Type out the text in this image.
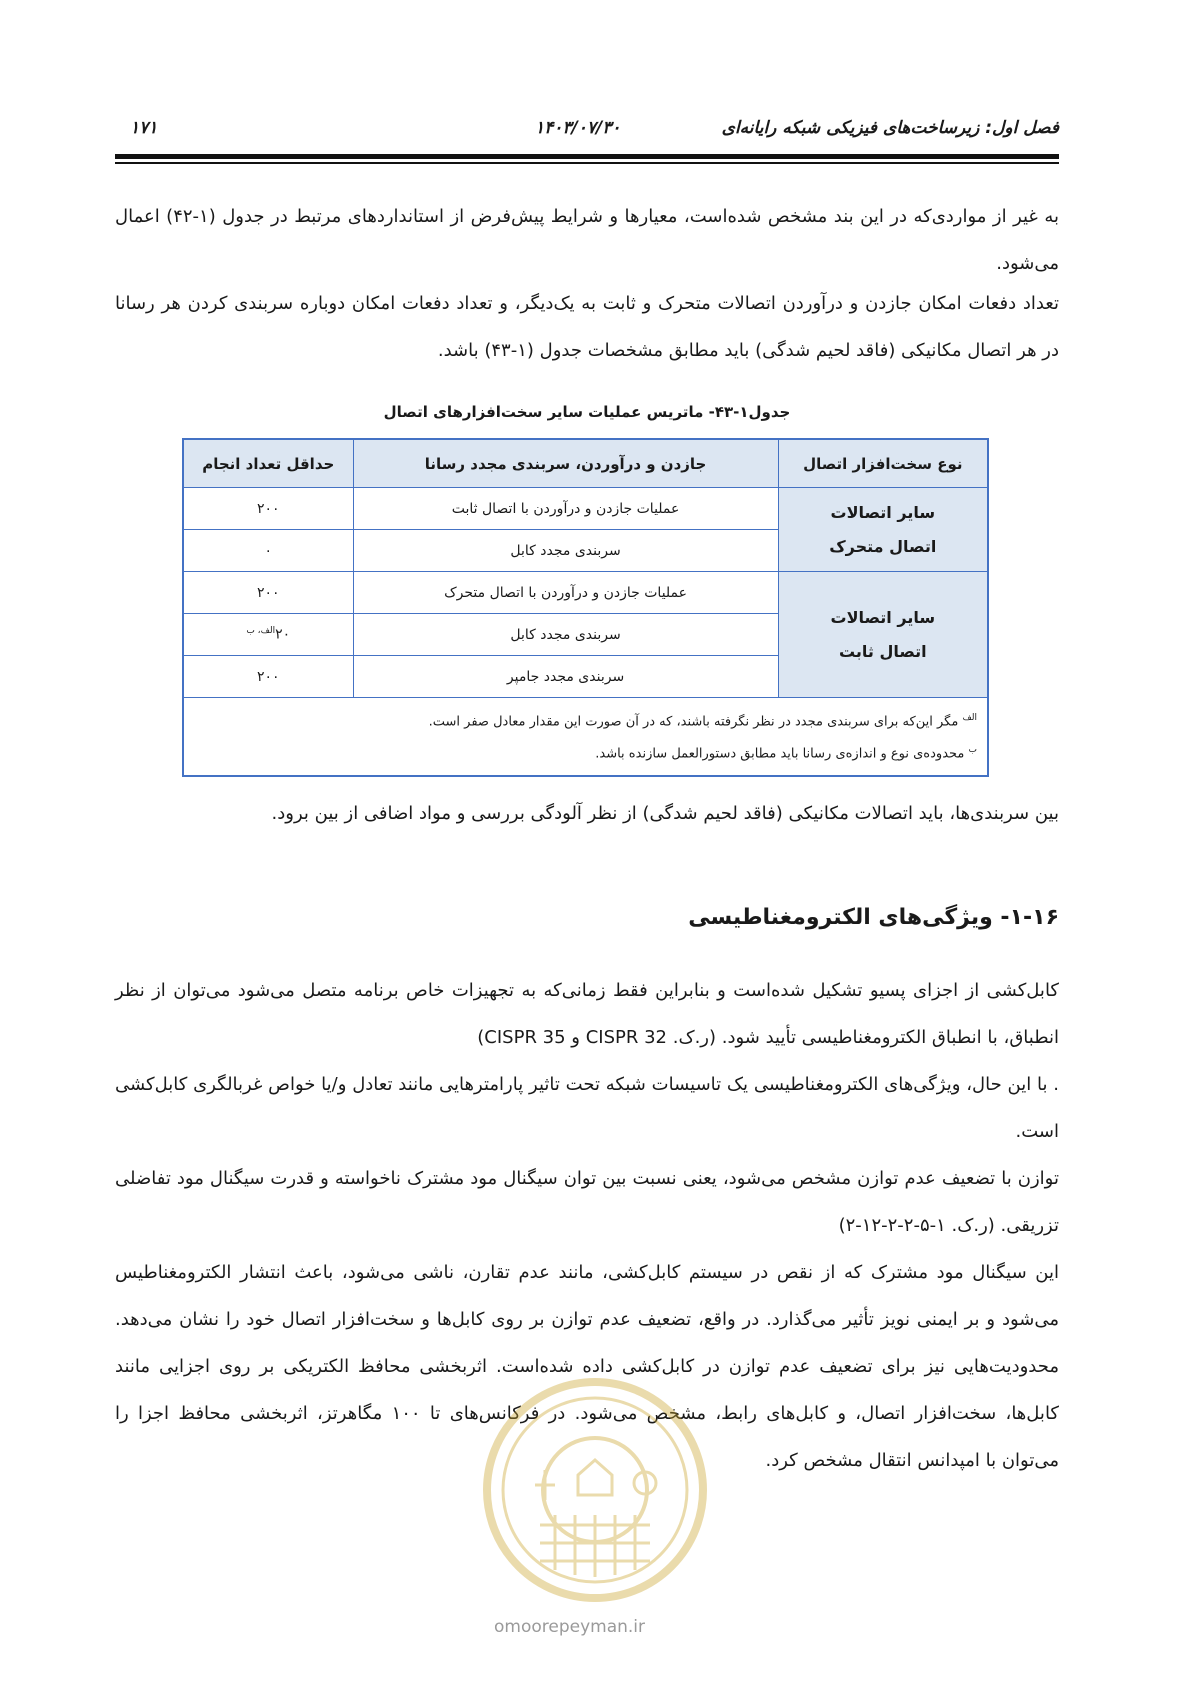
فصل اول: زیرساخت‌های فیزیکی شبکه رایانه‌ای
۱۴۰۳/۰۷/۳۰
۱۷۱

به غیر از مواردی‌که در این بند مشخص شده‌است، معیارها و شرایط پیش‌فرض از استانداردهای مرتبط در جدول (۱-۴۲) اعمال می‌شود.

تعداد دفعات امکان جازدن و درآوردن اتصالات متحرک و ثابت به یک‌دیگر، و تعداد دفعات امکان دوباره سربندی کردن هر رسانا در هر اتصال مکانیکی (فاقد لحیم شدگی) باید مطابق مشخصات جدول (۱-۴۳) باشد.

جدول۱-۴۳- ماتریس عملیات سایر سخت‌افزارهای اتصال
نوع سخت‌افزار اتصال	جازدن و درآوردن، سربندی مجدد رسانا	حداقل تعداد انجام

سایر اتصالات
اتصال متحرک	عملیات جازدن و درآوردن با اتصال ثابت	۲۰۰
	سربندی مجدد کابل	۰

سایر اتصالات
اتصال ثابت	عملیات جازدن و درآوردن با اتصال متحرک	۲۰۰
	سربندی مجدد کابل	$۲۰^{الف، ب}$
	سربندی مجدد جامپر	۲۰۰

$^{الف}$ مگر این‌که برای سربندی مجدد در نظر نگرفته باشند، که در آن صورت این مقدار معادل صفر است.
$^ب$ محدوده‌ی نوع و اندازه‌ی رسانا باید مطابق دستورالعمل سازنده باشد.		

بین سربندی‌ها، باید اتصالات مکانیکی (فاقد لحیم شدگی) از نظر آلودگی بررسی و مواد اضافی از بین برود.

۱-۱۶- ویژگی‌های الکترومغناطیسی

کابل‌کشی از اجزای پسیو تشکیل شده‌است و بنابراین فقط زمانی‌که به تجهیزات خاص برنامه متصل می‌شود می‌توان از نظر انطباق، با انطباق الکترومغناطیسی تأیید شود. (ر.ک. CISPR 32 و CISPR 35)

. با این حال، ویژگی‌های الکترومغناطیسی یک تاسیسات شبکه تحت تاثیر پارامترهایی مانند تعادل و/یا خواص غربالگری کابل‌کشی است.

توازن با تضعیف عدم توازن مشخص می‌شود، یعنی نسبت بین توان سیگنال مود مشترک ناخواسته و قدرت سیگنال مود تفاضلی تزریقی. (ر.ک. ۱-۵-۲-۲-۱۲-۲)

این سیگنال مود مشترک که از نقص در سیستم کابل‌کشی، مانند عدم تقارن، ناشی می‌شود، باعث انتشار الکترومغناطیس می‌شود و بر ایمنی نویز تأثیر می‌گذارد. در واقع، تضعیف عدم توازن بر روی کابل‌ها و سخت‌افزار اتصال خود را نشان می‌دهد. محدودیت‌هایی نیز برای تضعیف عدم توازن در کابل‌کشی داده شده‌است. اثربخشی محافظ الکتریکی بر روی اجزایی مانند کابل‌ها، سخت‌افزار اتصال، و کابل‌های رابط، مشخص می‌شود. در فرکانس‌های تا ۱۰۰ مگاهرتز، اثربخشی محافظ اجزا را می‌توان با امپدانس انتقال مشخص کرد.

omoorepeyman.ir
